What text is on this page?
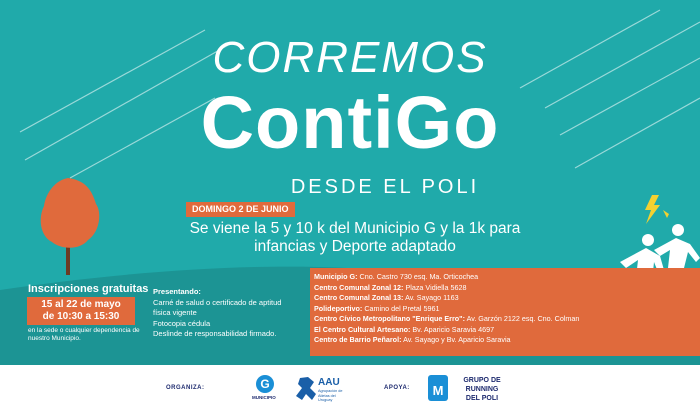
CORREMOS
ContiGo
DESDE EL POLI
DOMINGO 2 DE JUNIO
Se viene la 5 y 10 k del Municipio G y la 1k para infancias y Deporte adaptado
Inscripciones gratuitas
15 al 22 de mayo
de 10:30 a 15:30
en la sede o cualquier dependencia de nuestro Municipio.
Presentando:
Carné de salud o certificado de aptitud
física vigente
Fotocopia cédula
Deslinde de responsabilidad firmado.
Municipio G: Cno. Castro 730 esq. Ma. Orticochea
Centro Comunal Zonal 12: Plaza Vidiella 5628
Centro Comunal Zonal 13: Av. Sayago 1163
Polideportivo: Camino del Pretal 5961
Centro Cívico Metropolitano "Enrique Erro": Av. Garzón 2122 esq. Cno. Colman
El Centro Cultural Artesano: Bv. Aparicio Saravia 4697
Centro de Barrio Peñarol: Av. Sayago y Bv. Aparicio Saravia
ORGANIZA:	G
MUNICIPIO
AAU
Agrupación de Atletas del Uruguay
APOYA:	M
GRUPO DE
RUNNING
DEL POLI
